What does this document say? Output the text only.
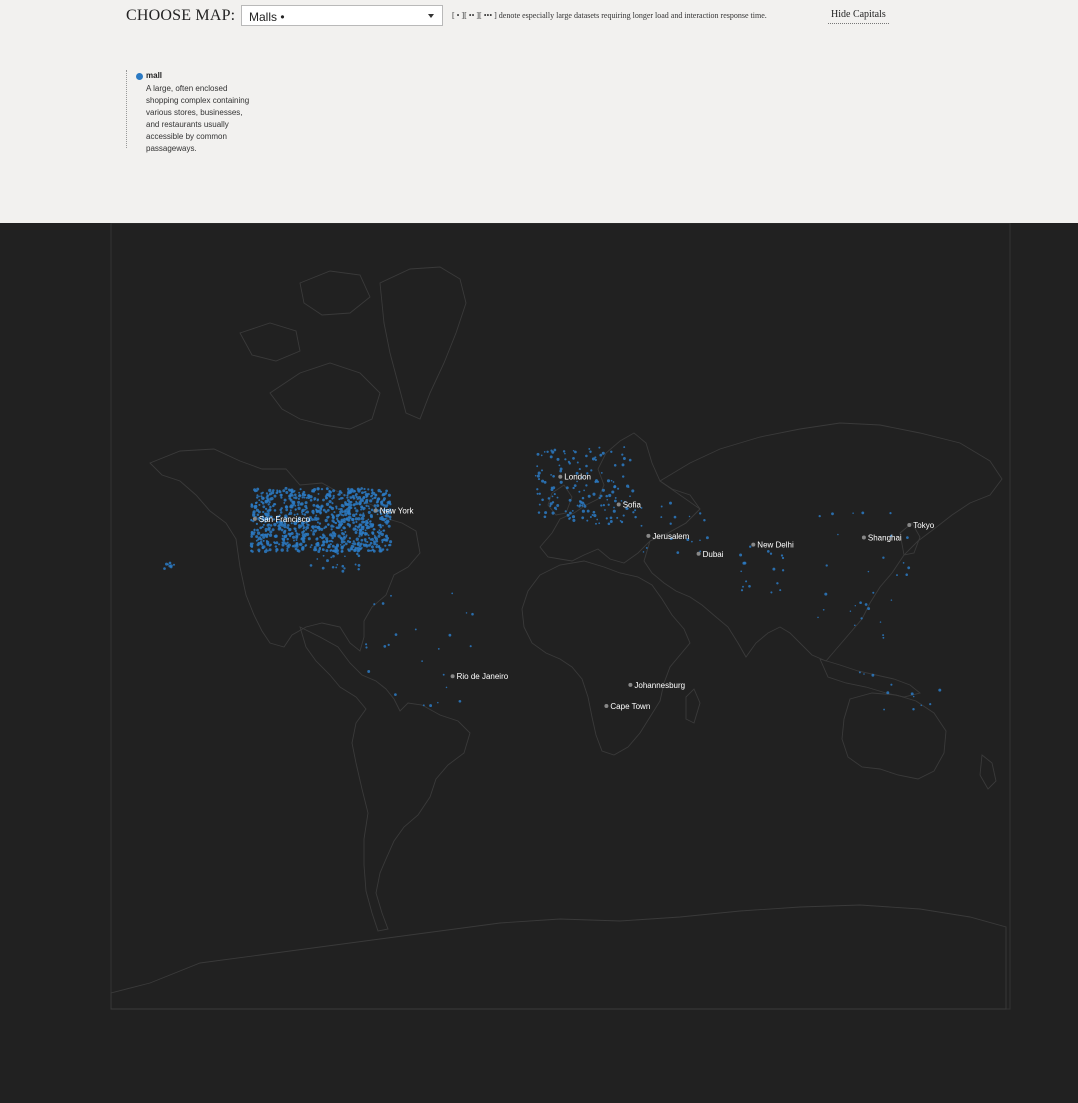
CHOOSE MAP:	Malls •	[ • ][ •• ][ ••• ] denote especially large datasets requiring longer load and interaction response time.	Hide Capitals
mall
A large, often enclosed shopping complex containing various stores, businesses, and restaurants usually accessible by common passageways.
San Francisco
New York
London
Sofia
Jerusalem
Dubai
New Delhi
Shanghai
Tokyo
Rio de Janeiro
Johannesburg
Cape Town
